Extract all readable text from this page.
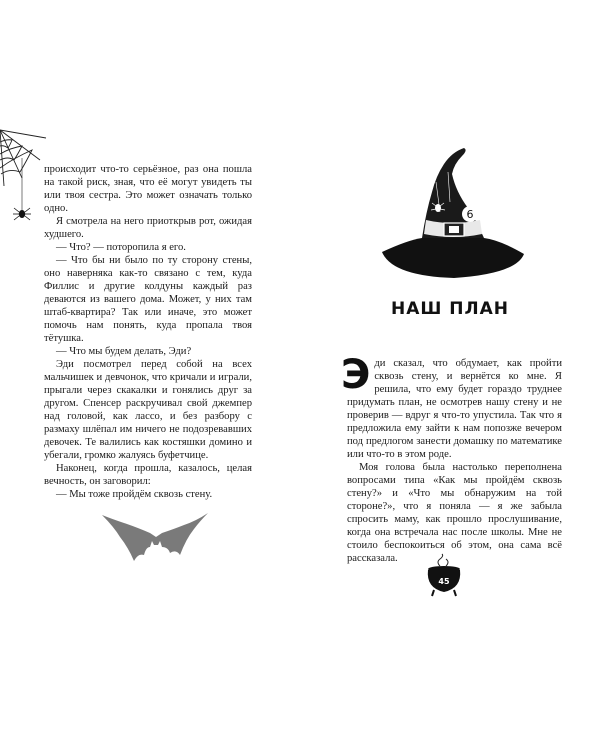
происходит что-то серьёзное, раз она пошла на такой риск, зная, что её могут увидеть ты или твоя сестра. Это может означать только одно.

Я смотрела на него приоткрыв рот, ожидая худшего.

— Что? — поторопила я его.

— Что бы ни было по ту сторону стены, оно наверняка как-то связано с тем, куда Филлис и другие колдуны каждый раз деваются из вашего дома. Может, у них там штаб-квартира? Так или иначе, это может помочь нам понять, куда пропала твоя тётушка.

— Что мы будем делать, Эди?

Эди посмотрел перед собой на всех мальчишек и девчонок, что кричали и играли, прыгали через скакалки и гонялись друг за другом. Спенсер раскручивал свой джемпер над головой, как лассо, и без разбору с размаху шлёпал им ничего не подозревавших девочек. Те валились как костяшки домино и убегали, громко жалуясь буфетчице.

Наконец, когда прошла, казалось, целая вечность, он заговорил:

— Мы тоже пройдём сквозь стену.

6
НАШ ПЛАН

Эди сказал, что обдумает, как пройти сквозь стену, и вернётся ко мне. Я решила, что ему будет гораздо труднее придумать план, не осмотрев нашу стену и не проверив — вдруг я что-то упустила. Так что я предложила ему зайти к нам попозже вечером под предлогом занести домашку по математике или что-то в этом роде.

Моя голова была настолько переполнена вопросами типа «Как мы пройдём сквозь стену?» и «Что мы обнаружим на той стороне?», что я поняла — я же забыла спросить маму, как прошло прослушивание, когда она встречала нас после школы. Мне не стоило беспокоиться об этом, она сама всё рассказала.

45
